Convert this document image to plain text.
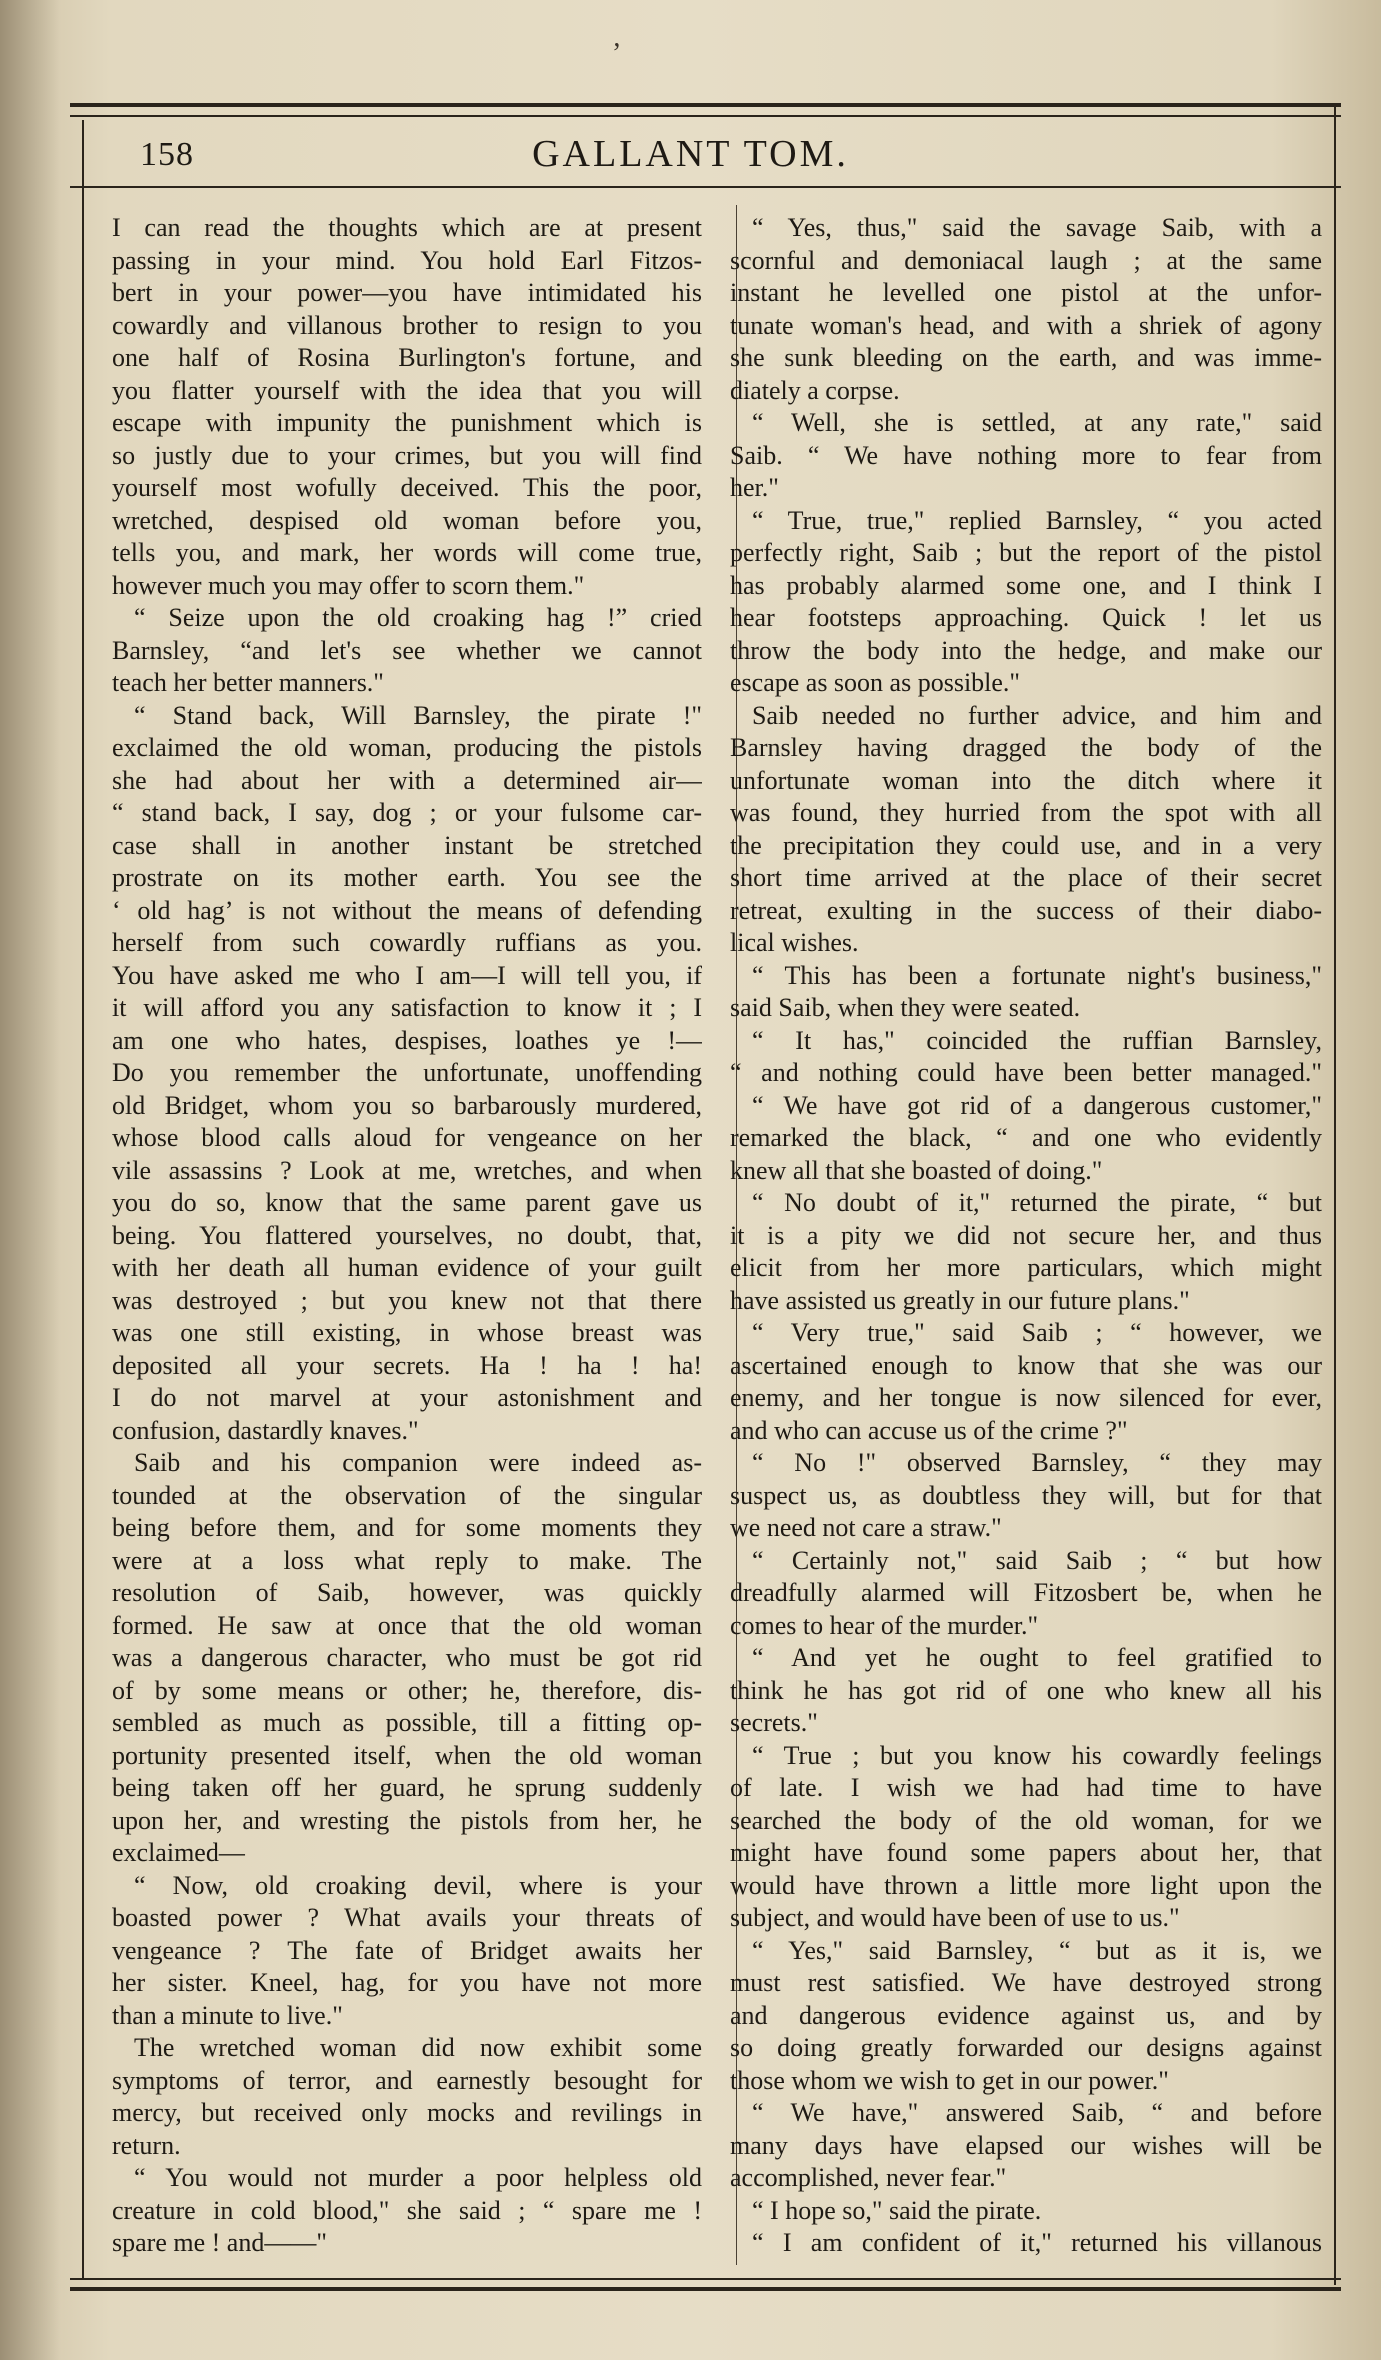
ʼ
158	GALLANT TOM.
I can read the thoughts which are at present
passing in your mind. You hold Earl Fitzos-
bert in your power—you have intimidated his
cowardly and villanous brother to resign to you
one half of Rosina Burlington's fortune, and
you flatter yourself with the idea that you will
escape with impunity the punishment which is
so justly due to your crimes, but you will find
yourself most wofully deceived. This the poor,
wretched, despised old woman before you,
tells you, and mark, her words will come true,
however much you may offer to scorn them."
“ Seize upon the old croaking hag !” cried
Barnsley, “and let's see whether we cannot
teach her better manners."
“ Stand back, Will Barnsley, the pirate !"
exclaimed the old woman, producing the pistols
she had about her with a determined air—
“ stand back, I say, dog ; or your fulsome car-
case shall in another instant be stretched
prostrate on its mother earth. You see the
‘ old hag’ is not without the means of defending
herself from such cowardly ruffians as you.
You have asked me who I am—I will tell you, if
it will afford you any satisfaction to know it ; I
am one who hates, despises, loathes ye !—
Do you remember the unfortunate, unoffending
old Bridget, whom you so barbarously murdered,
whose blood calls aloud for vengeance on her
vile assassins ? Look at me, wretches, and when
you do so, know that the same parent gave us
being. You flattered yourselves, no doubt, that,
with her death all human evidence of your guilt
was destroyed ; but you knew not that there
was one still existing, in whose breast was
deposited all your secrets. Ha ! ha ! ha!
I do not marvel at your astonishment and
confusion, dastardly knaves."
Saib and his companion were indeed as-
tounded at the observation of the singular
being before them, and for some moments they
were at a loss what reply to make. The
resolution of Saib, however, was quickly
formed. He saw at once that the old woman
was a dangerous character, who must be got rid
of by some means or other; he, therefore, dis-
sembled as much as possible, till a fitting op-
portunity presented itself, when the old woman
being taken off her guard, he sprung suddenly
upon her, and wresting the pistols from her, he
exclaimed—
“ Now, old croaking devil, where is your
boasted power ? What avails your threats of
vengeance ? The fate of Bridget awaits her
her sister. Kneel, hag, for you have not more
than a minute to live."
The wretched woman did now exhibit some
symptoms of terror, and earnestly besought for
mercy, but received only mocks and revilings in
return.
“ You would not murder a poor helpless old
creature in cold blood," she said ; “ spare me !
spare me ! and——"
“ Yes, thus," said the savage Saib, with a
scornful and demoniacal laugh ; at the same
instant he levelled one pistol at the unfor-
tunate woman's head, and with a shriek of agony
she sunk bleeding on the earth, and was imme-
diately a corpse.
“ Well, she is settled, at any rate," said
Saib. “ We have nothing more to fear from
her."
“ True, true," replied Barnsley, “ you acted
perfectly right, Saib ; but the report of the pistol
has probably alarmed some one, and I think I
hear footsteps approaching. Quick ! let us
throw the body into the hedge, and make our
escape as soon as possible."
Saib needed no further advice, and him and
Barnsley having dragged the body of the
unfortunate woman into the ditch where it
was found, they hurried from the spot with all
the precipitation they could use, and in a very
short time arrived at the place of their secret
retreat, exulting in the success of their diabo-
lical wishes.
“ This has been a fortunate night's business,"
said Saib, when they were seated.
“ It has," coincided the ruffian Barnsley,
“ and nothing could have been better managed."
“ We have got rid of a dangerous customer,"
remarked the black, “ and one who evidently
knew all that she boasted of doing."
“ No doubt of it," returned the pirate, “ but
it is a pity we did not secure her, and thus
elicit from her more particulars, which might
have assisted us greatly in our future plans."
“ Very true," said Saib ; “ however, we
ascertained enough to know that she was our
enemy, and her tongue is now silenced for ever,
and who can accuse us of the crime ?"
“ No !" observed Barnsley, “ they may
suspect us, as doubtless they will, but for that
we need not care a straw."
“ Certainly not," said Saib ; “ but how
dreadfully alarmed will Fitzosbert be, when he
comes to hear of the murder."
“ And yet he ought to feel gratified to
think he has got rid of one who knew all his
secrets."
“ True ; but you know his cowardly feelings
of late. I wish we had had time to have
searched the body of the old woman, for we
might have found some papers about her, that
would have thrown a little more light upon the
subject, and would have been of use to us."
“ Yes," said Barnsley, “ but as it is, we
must rest satisfied. We have destroyed strong
and dangerous evidence against us, and by
so doing greatly forwarded our designs against
those whom we wish to get in our power."
“ We have," answered Saib, “ and before
many days have elapsed our wishes will be
accomplished, never fear."
“ I hope so," said the pirate.
“ I am confident of it," returned his villanous
